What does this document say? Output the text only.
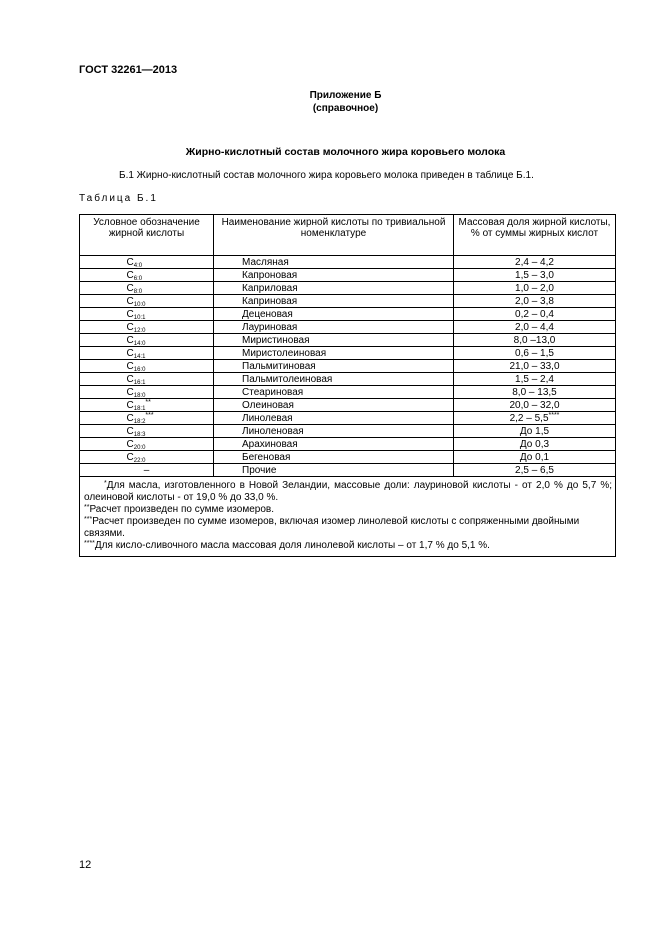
ГОСТ 32261—2013
Приложение Б
(справочное)
Жирно-кислотный состав молочного жира коровьего молока
Б.1 Жирно-кислотный состав молочного жира коровьего молока приведен в таблице Б.1.
Таблица Б.1
Условное обозначение жирной кислоты	Наименование жирной кислоты по тривиальной номенклатуре	Массовая доля жирной кислоты, % от суммы жирных кислот
$C_{4:0}$	Масляная	2,4 – 4,2
$C_{6:0}$	Капроновая	1,5 – 3,0
$C_{8:0}$	Каприловая	1,0 – 2,0
$C_{10:0}$	Каприновая	2,0 – 3,8
$C_{10:1}$	Деценовая	0,2 – 0,4
$C_{12:0}$	Лауриновая	2,0 – 4,4
$C_{14:0}$	Миристиновая	8,0 –13,0
$C_{14:1}$	Миристолеиновая	0,6 – 1,5
$C_{16:0}$	Пальмитиновая	21,0 – 33,0
$C_{16:1}$	Пальмитолеиновая	1,5 – 2,4
$C_{18:0}$	Стеариновая	8,0 – 13,5
$C_{18:1}^{**}$	Олеиновая	20,0 – 32,0
$C_{18:2}^{***}$	Линолевая	2,2 – 5,5****
$C_{18:3}$	Линоленовая	До 1,5
$C_{20:0}$	Арахиновая	До 0,3
$C_{22:0}$	Бегеновая	До 0,1
–	Прочие	2,5 – 6,5

*Для масла, изготовленного в Новой Зеландии, массовые доли: лауриновой кислоты - от 2,0 % до 5,7 %; олеиновой кислоты - от 19,0 % до 33,0 %.
**Расчет произведен по сумме изомеров.
***Расчет произведен по сумме изомеров, включая изомер линолевой кислоты с сопряженными двойными связями.
****Для кисло-сливочного масла массовая доля линолевой кислоты – от 1,7 % до 5,1 %.		
12
